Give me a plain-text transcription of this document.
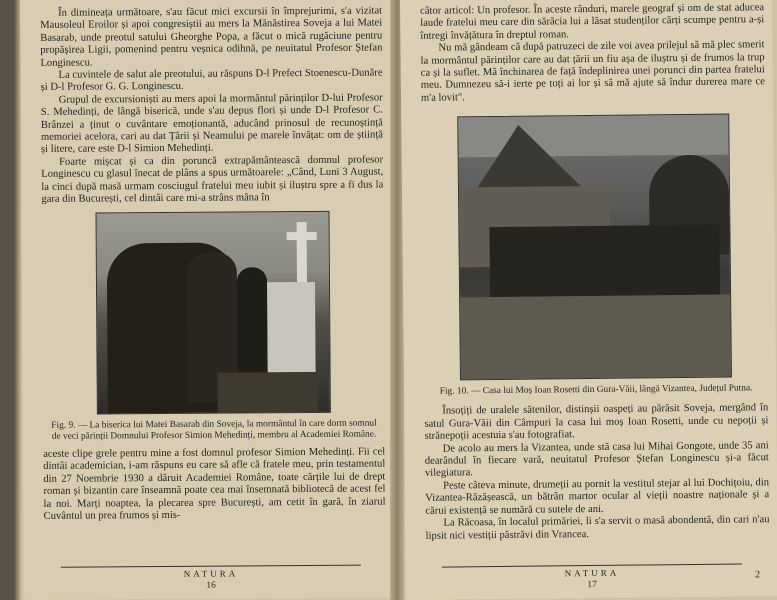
În dimineața următoare, s'au făcut mici excursii în împrejurimi, s'a vizitat Mausoleul Eroilor și apoi congresiștii au mers la Mănăstirea Soveja a lui Matei Basarab, unde preotul satului Gheorghe Popa, a făcut o mică rugăciune pentru propășirea Ligii, pomenind pentru veșnica odihnă, pe neuitatul Profesor Ștefan Longinescu.

La cuvintele de salut ale preotului, au răspuns D-l Prefect Stoenescu-Dunăre și D-l Profesor G. G. Longinescu.

Grupul de excursioniști au mers apoi la mormântul părinților D-lui Profesor S. Mehedinți, de lângă biserică, unde s'au depus flori și unde D-l Profesor C. Brânzei a ținut o cuvântare emoționantă, aducând prinosul de recunoștință memoriei acelora, cari au dat Țării și Neamului pe marele învățat: om de știință și litere, care este D-l Simion Mehedinți.

Foarte mișcat și ca din poruncă extrapământească domnul profesor Longinescu cu glasul înecat de plâns a spus următoarele: „Când, Luni 3 August, la cinci după masă urmam cosciugul fratelui meu iubit și iluștru spre a fi dus la gara din București, cel dintâi care mi-a strâns mâna în

Fig. 9. — La biserica lui Matei Basarab din Soveja, la mormântul în care dorm somnul de veci părinții Domnului Profesor Simion Mehedinți, membru al Academiei Române.

aceste clipe grele pentru mine a fost domnul profesor Simion Mehedinți. Fii cel dintâi academician, i-am răspuns eu care să afle că fratele meu, prin testamentul din 27 Noembrie 1930 a dăruit Academiei Române, toate cărțile lui de drept roman și bizantin care înseamnă poate cea mai însemnată bibliotecă de acest fel la noi. Marți noaptea, la plecarea spre București, am cetit în gară, în ziarul Cuvântul un prea frumos și mis-

NATURA
16

câtor articol: Un profesor. În aceste rânduri, marele geograf și om de stat aducea laude fratelui meu care din sărăcia lui a lăsat studenților cărți scumpe pentru a-și întregi învățătura în dreptul roman.

Nu mă gândeam că după patruzeci de zile voi avea prilejul să mă plec smerit la mormântul părinților care au dat țării un fiu așa de iluștru și de frumos la trup ca și la suflet. Mă închinarea de față îndeplinirea unei porunci din partea fratelui meu. Dumnezeu să-i ierte pe toți ai lor și să mă ajute să îndur durerea mare ce m'a lovit".

Fig. 10. — Casa lui Moș Ioan Rosetti din Gura-Văii, lângă Vizantea, Județul Putna.

Însoțiți de uralele sătenilor, distinșii oaspeți au părăsit Soveja, mergând în satul Gura-Văii din Câmpuri la casa lui moș Ioan Rosetti, unde cu nepoții și strănepoții acestuia s'au fotografiat.

De acolo au mers la Vizantea, unde stă casa lui Mihai Gongote, unde 35 ani dearândul în fiecare vară, neuitatul Profesor Ștefan Longinescu și-a făcut vilegiatura.

Peste câteva minute, drumeții au pornit la vestitul stejar al lui Dochițoiu, din Vizantea-Răzășească, un bătrân martor ocular al vieții noastre naționale și a cărui existență se numără cu sutele de ani.

La Răcoasa, în localul primăriei, li s'a servit o masă abondentă, din cari n'au lipsit nici vestiții păstrăvi din Vrancea.

NATURA
17
2
